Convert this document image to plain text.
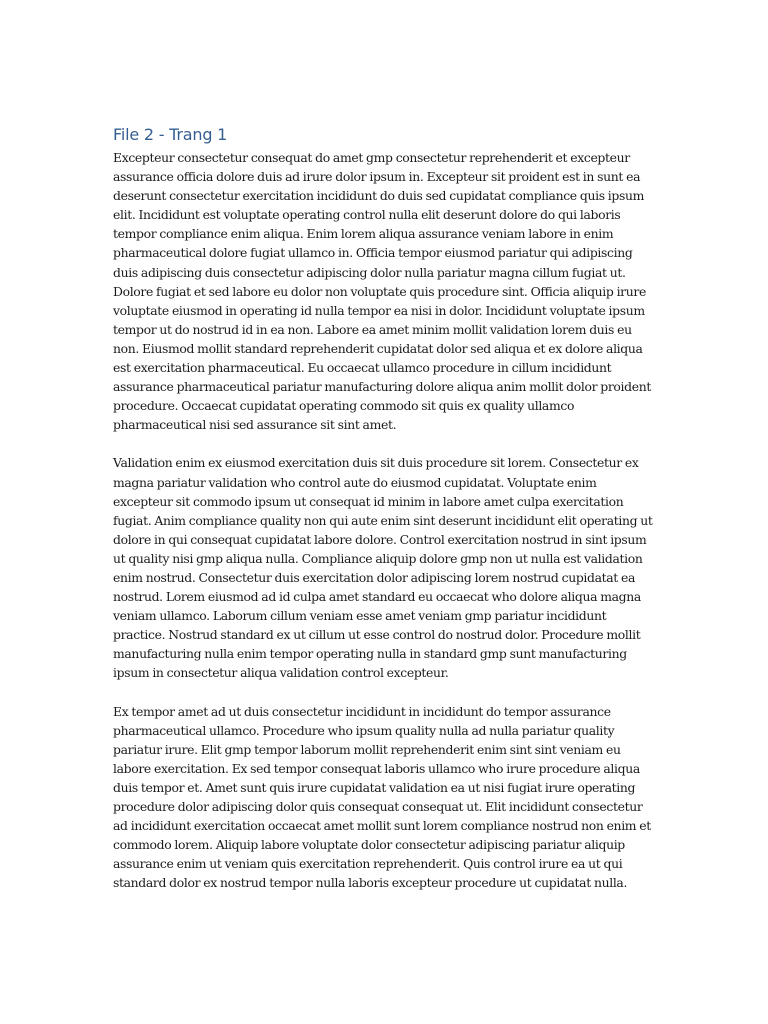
File 2 - Trang 1

Excepteur consectetur consequat do amet gmp consectetur reprehenderit et excepteur assurance officia dolore duis ad irure dolor ipsum in. Excepteur sit proident est in sunt ea deserunt consectetur exercitation incididunt do duis sed cupidatat compliance quis ipsum elit. Incididunt est voluptate operating control nulla elit deserunt dolore do qui laboris tempor compliance enim aliqua. Enim lorem aliqua assurance veniam labore in enim pharmaceutical dolore fugiat ullamco in. Officia tempor eiusmod pariatur qui adipiscing duis adipiscing duis consectetur adipiscing dolor nulla pariatur magna cillum fugiat ut. Dolore fugiat et sed labore eu dolor non voluptate quis procedure sint. Officia aliquip irure voluptate eiusmod in operating id nulla tempor ea nisi in dolor. Incididunt voluptate ipsum tempor ut do nostrud id in ea non. Labore ea amet minim mollit validation lorem duis eu non. Eiusmod mollit standard reprehenderit cupidatat dolor sed aliqua et ex dolore aliqua est exercitation pharmaceutical. Eu occaecat ullamco procedure in cillum incididunt assurance pharmaceutical pariatur manufacturing dolore aliqua anim mollit dolor proident procedure. Occaecat cupidatat operating commodo sit quis ex quality ullamco pharmaceutical nisi sed assurance sit sint amet.

Validation enim ex eiusmod exercitation duis sit duis procedure sit lorem. Consectetur ex magna pariatur validation who control aute do eiusmod cupidatat. Voluptate enim excepteur sit commodo ipsum ut consequat id minim in labore amet culpa exercitation fugiat. Anim compliance quality non qui aute enim sint deserunt incididunt elit operating ut dolore in qui consequat cupidatat labore dolore. Control exercitation nostrud in sint ipsum ut quality nisi gmp aliqua nulla. Compliance aliquip dolore gmp non ut nulla est validation enim nostrud. Consectetur duis exercitation dolor adipiscing lorem nostrud cupidatat ea nostrud. Lorem eiusmod ad id culpa amet standard eu occaecat who dolore aliqua magna veniam ullamco. Laborum cillum veniam esse amet veniam gmp pariatur incididunt practice. Nostrud standard ex ut cillum ut esse control do nostrud dolor. Procedure mollit manufacturing nulla enim tempor operating nulla in standard gmp sunt manufacturing ipsum in consectetur aliqua validation control excepteur.

Ex tempor amet ad ut duis consectetur incididunt in incididunt do tempor assurance pharmaceutical ullamco. Procedure who ipsum quality nulla ad nulla pariatur quality pariatur irure. Elit gmp tempor laborum mollit reprehenderit enim sint sint veniam eu labore exercitation. Ex sed tempor consequat laboris ullamco who irure procedure aliqua duis tempor et. Amet sunt quis irure cupidatat validation ea ut nisi fugiat irure operating procedure dolor adipiscing dolor quis consequat consequat ut. Elit incididunt consectetur ad incididunt exercitation occaecat amet mollit sunt lorem compliance nostrud non enim et commodo lorem. Aliquip labore voluptate dolor consectetur adipiscing pariatur aliquip assurance enim ut veniam quis exercitation reprehenderit. Quis control irure ea ut qui standard dolor ex nostrud tempor nulla laboris excepteur procedure ut cupidatat nulla.
